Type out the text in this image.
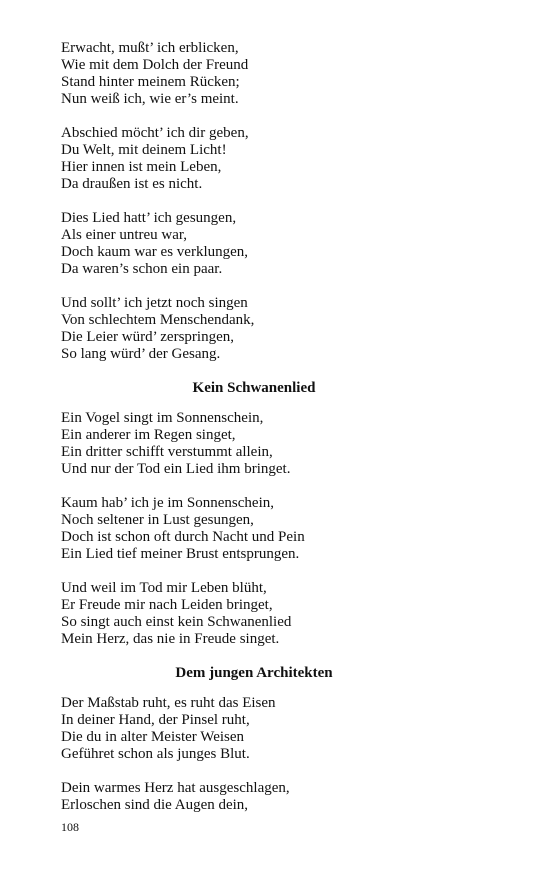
Erwacht, mußt’ ich erblicken,
Wie mit dem Dolch der Freund
Stand hinter meinem Rücken;
Nun weiß ich, wie er’s meint.
Abschied möcht’ ich dir geben,
Du Welt, mit deinem Licht!
Hier innen ist mein Leben,
Da draußen ist es nicht.
Dies Lied hatt’ ich gesungen,
Als einer untreu war,
Doch kaum war es verklungen,
Da waren’s schon ein paar.
Und sollt’ ich jetzt noch singen
Von schlechtem Menschendank,
Die Leier würd’ zerspringen,
So lang würd’ der Gesang.
Kein Schwanenlied
Ein Vogel singt im Sonnenschein,
Ein anderer im Regen singet,
Ein dritter schifft verstummt allein,
Und nur der Tod ein Lied ihm bringet.
Kaum hab’ ich je im Sonnenschein,
Noch seltener in Lust gesungen,
Doch ist schon oft durch Nacht und Pein
Ein Lied tief meiner Brust entsprungen.
Und weil im Tod mir Leben blüht,
Er Freude mir nach Leiden bringet,
So singt auch einst kein Schwanenlied
Mein Herz, das nie in Freude singet.
Dem jungen Architekten
Der Maßstab ruht, es ruht das Eisen
In deiner Hand, der Pinsel ruht,
Die du in alter Meister Weisen
Geführet schon als junges Blut.
Dein warmes Herz hat ausgeschlagen,
Erloschen sind die Augen dein,
108
